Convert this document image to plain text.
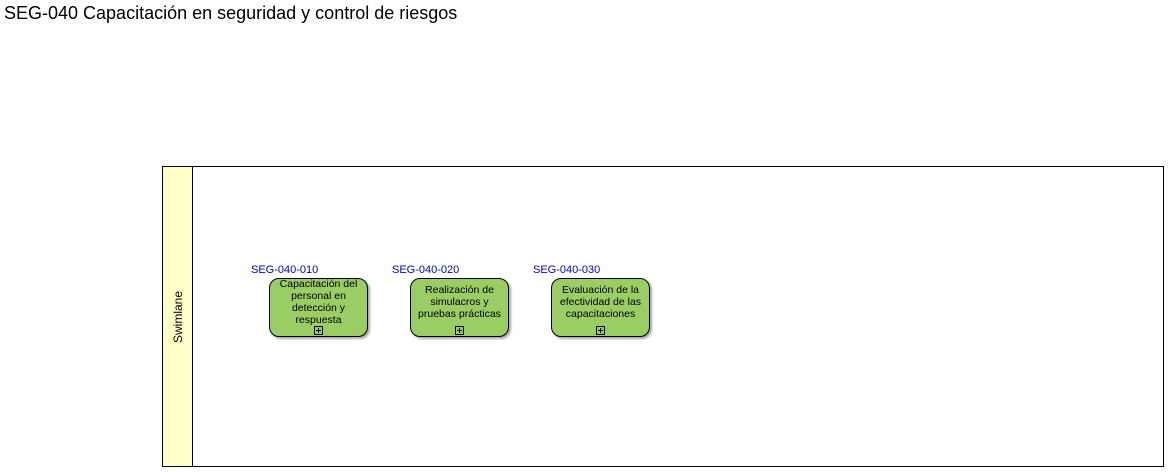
SEG-040 Capacitación en seguridad y control de riesgos
Swimlane
SEG-040-010
Capacitación del personal en detección y respuesta
SEG-040-020
Realización de simulacros y pruebas prácticas
SEG-040-030
Evaluación de la efectividad de las capacitaciones
